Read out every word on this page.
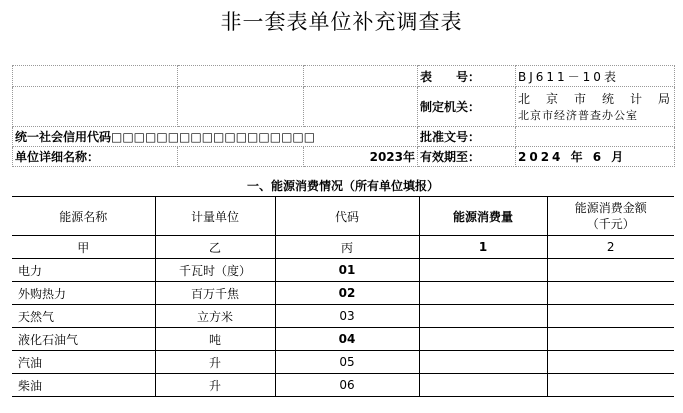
非一套表单位补充调查表
			表　　号：	BJ611－10表
			制定机关：	北京市统计局
北京市经济普查办公室

统一社会信用代码□□□□□□□□□□□□□□□□□□			批准文号：	
单位详细名称：		2023年	有效期至：	2024 年 6 月
一、能源消费情况（所有单位填报）
能源名称	计量单位	代码	能源消费量	能源消费金额
（千元）
甲	乙	丙	1	2
电力	千瓦时（度）	01		
外购热力	百万千焦	02		
天然气	立方米	03		
液化石油气	吨	04		
汽油	升	05		
柴油	升	06		
